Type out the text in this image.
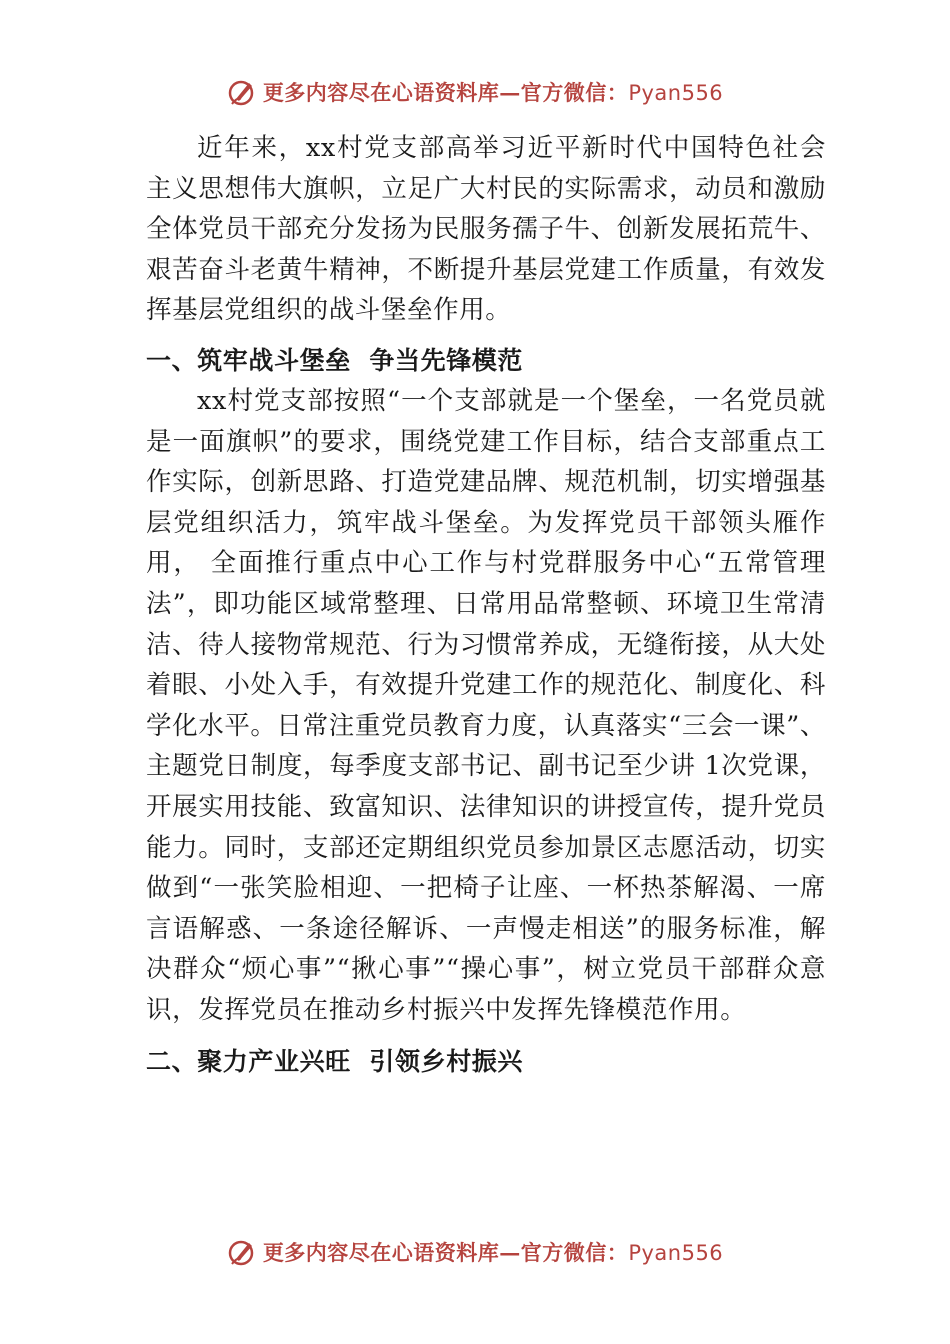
更多内容尽在心语资料库—官方微信：Pyan556

近年来，xx村党支部高举习近平新时代中国特色社会主义思想伟大旗帜，立足广大村民的实际需求，动员和激励全体党员干部充分发扬为民服务孺子牛、创新发展拓荒牛、艰苦奋斗老黄牛精神，不断提升基层党建工作质量，有效发挥基层党组织的战斗堡垒作用。

一、筑牢战斗堡垒  争当先锋模范

xx村党支部按照“一个支部就是一个堡垒，一名党员就是一面旗帜”的要求，围绕党建工作目标，结合支部重点工作实际，创新思路、打造党建品牌、规范机制，切实增强基层党组织活力，筑牢战斗堡垒。为发挥党员干部领头雁作用， 全面推行重点中心工作与村党群服务中心“五常管理法”，即功能区域常整理、日常用品常整顿、环境卫生常清洁、待人接物常规范、行为习惯常养成，无缝衔接，从大处着眼、小处入手，有效提升党建工作的规范化、制度化、科学化水平。日常注重党员教育力度，认真落实“三会一课”、主题党日制度，每季度支部书记、副书记至少讲 1次党课，开展实用技能、致富知识、法律知识的讲授宣传，提升党员能力。同时，支部还定期组织党员参加景区志愿活动，切实做到“一张笑脸相迎、一把椅子让座、一杯热茶解渴、一席言语解惑、一条途径解诉、一声慢走相送”的服务标准，解决群众“烦心事”“揪心事”“操心事”，树立党员干部群众意识，发挥党员在推动乡村振兴中发挥先锋模范作用。

二、聚力产业兴旺  引领乡村振兴
更多内容尽在心语资料库—官方微信：Pyan556
